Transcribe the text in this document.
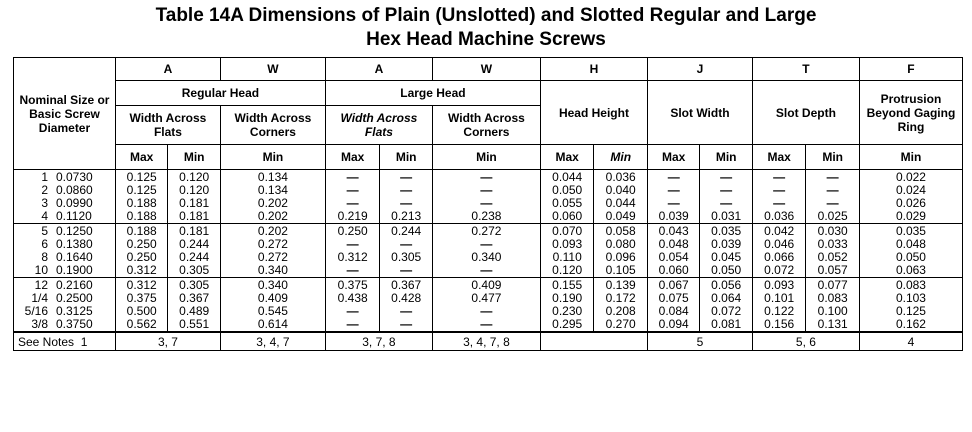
Table 14A Dimensions of Plain (Unslotted) and Slotted Regular and Large
Hex Head Machine Screws
Nominal Size or Basic Screw Diameter	A		W	A		W	H		J		T		F
	Regular Head			Large Head			Head Height		Slot Width		Slot Depth		Protrusion Beyond Gaging Ring
	Width Across Flats		Width Across Corners	Width Across Flats		Width Across Corners							
	Max	Min	Min	Max	Min	Min	Max	Min	Max	Min	Max	Min	Min
1 0.0730	0.125	0.120	0.134	—	—	—	0.044	0.036	—	—	—	—	0.022
2 0.0860	0.125	0.120	0.134	—	—	—	0.050	0.040	—	—	—	—	0.024
3 0.0990	0.188	0.181	0.202	—	—	—	0.055	0.044	—	—	—	—	0.026
4 0.1120	0.188	0.181	0.202	0.219	0.213	0.238	0.060	0.049	0.039	0.031	0.036	0.025	0.029
5 0.1250	0.188	0.181	0.202	0.250	0.244	0.272	0.070	0.058	0.043	0.035	0.042	0.030	0.035
6 0.1380	0.250	0.244	0.272	—	—	—	0.093	0.080	0.048	0.039	0.046	0.033	0.048
8 0.1640	0.250	0.244	0.272	0.312	0.305	0.340	0.110	0.096	0.054	0.045	0.066	0.052	0.050
10 0.1900	0.312	0.305	0.340	—	—	—	0.120	0.105	0.060	0.050	0.072	0.057	0.063
12 0.2160	0.312	0.305	0.340	0.375	0.367	0.409	0.155	0.139	0.067	0.056	0.093	0.077	0.083
1/4 0.2500	0.375	0.367	0.409	0.438	0.428	0.477	0.190	0.172	0.075	0.064	0.101	0.083	0.103
5/16 0.3125	0.500	0.489	0.545	—	—	—	0.230	0.208	0.084	0.072	0.122	0.100	0.125
3/8 0.3750	0.562	0.551	0.614	—	—	—	0.295	0.270	0.094	0.081	0.156	0.131	0.162
See Notes 1	3, 7		3, 4, 7	3, 7, 8		3, 4, 7, 8			5		5, 6		4
